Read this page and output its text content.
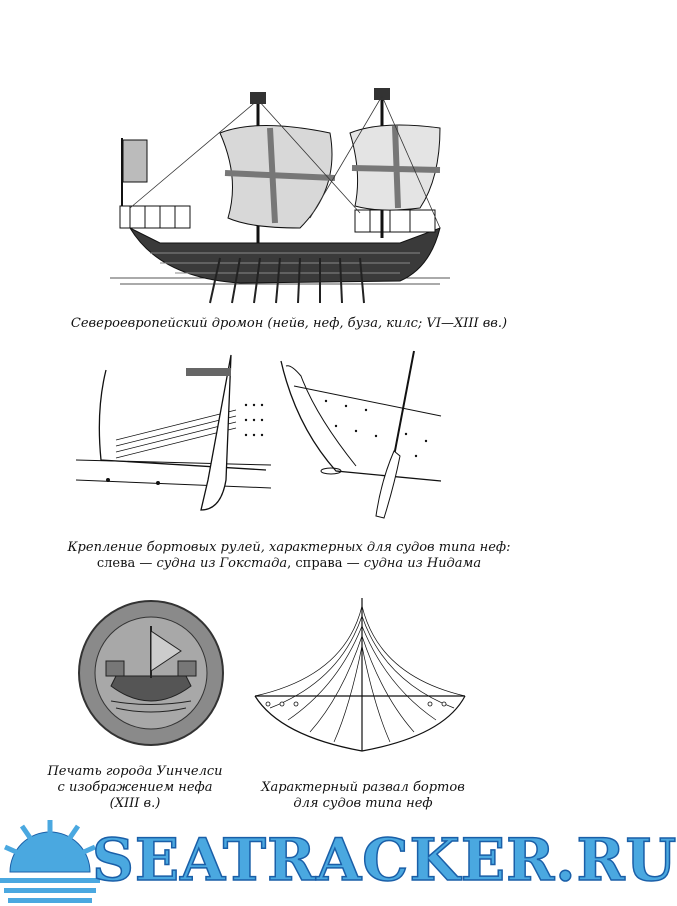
Североевропейский дромон (нейв, неф, буза, килс; VI—XIII вв.)
Крепление бортовых рулей, характерных для судов типа неф:
слева — судна из Гокстада, справа — судна из Нидама
Печать города Уинчелси
с изображением нефа
(XIII в.)
Характерный развал бортов
для судов типа неф
SEATRACKER.RU
